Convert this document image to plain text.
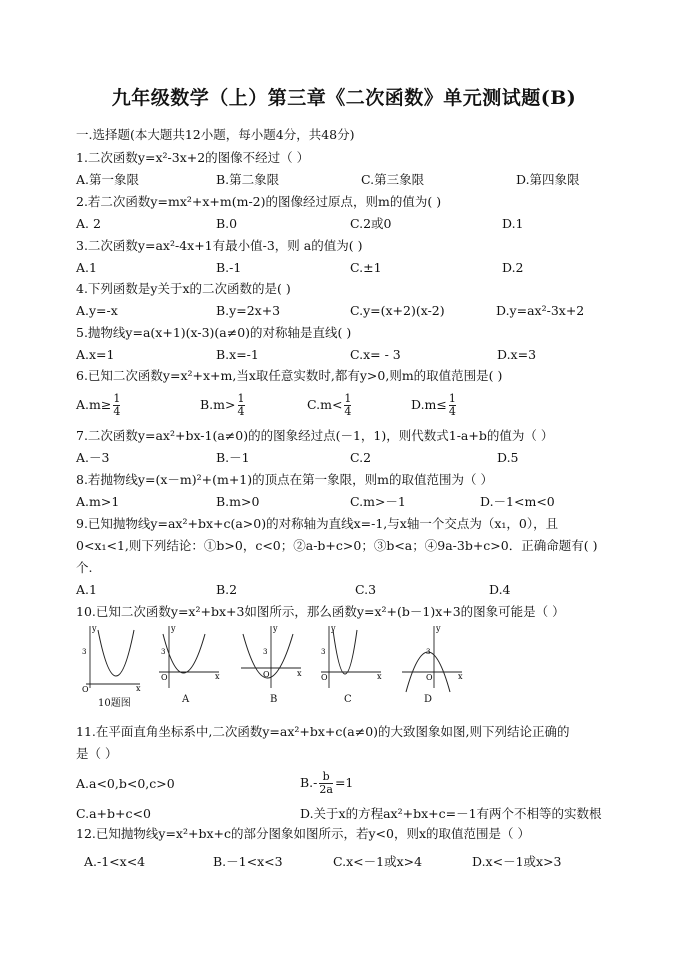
九年级数学（上）第三章《二次函数》单元测试题(B)
一.选择题(本大题共12小题，每小题4分，共48分)
1.二次函数y=x²-3x+2的图像不经过（ ）
A.第一象限	B.第二象限	C.第三象限	D.第四象限
2.若二次函数y=mx²+x+m(m-2)的图像经过原点，则m的值为( )
A. 2	B.0	C.2或0	D.1
3.二次函数y=ax²-4x+1有最小值-3，则 a的值为( )
A.1	B.-1	C.±1	D.2
4.下列函数是y关于x的二次函数的是( )
A.y=-x	B.y=2x+3	C.y=(x+2)(x-2)	D.y=ax²-3x+2
5.抛物线y=a(x+1)(x-3)(a≠0)的对称轴是直线( )
A.x=1	B.x=-1	C.x= - 3	D.x=3
6.已知二次函数y=x²+x+m,当x取任意实数时,都有y>0,则m的取值范围是( )
$A.m\ge \frac{1}{4}$	$B.m> \frac{1}{4}$	$C.m< \frac{1}{4}$	$D.m\le \frac{1}{4}$
7.二次函数y=ax²+bx-1(a≠0)的的图象经过点(－1，1)，则代数式1-a+b的值为（ ）
A.－3	B.－1	C.2	D.5
8.若抛物线y=(x－m)²+(m+1)的顶点在第一象限，则m的取值范围为（ ）
A.m>1	B.m>0	C.m>－1	D.－1<m<0
9.已知抛物线y=ax²+bx+c(a>0)的对称轴为直线x=-1,与x轴一个交点为（x₁，0），且
0<x₁<1,则下列结论：①b>0，c<0；②a-b+c>0；③b<a；④9a-3b+c>0．正确命题有( )
个.
A.1	B.2	C.3	D.4
10.已知二次函数y=x²+bx+3如图所示，那么函数y=x²+(b－1)x+3的图象可能是（ ）
y
x
3
O
y
x
3
O
y
x
3
O
y
x
3
O
y
x
3
O
10题图	A	B	C	D
11.在平面直角坐标系中,二次函数y=ax²+bx+c(a≠0)的大致图象如图,则下列结论正确的
是（ ）
A.a<0,b<0,c>0	$B.- \frac{b}{2a} =1$
C.a+b+c<0	D.关于x的方程ax²+bx+c=－1有两个不相等的实数根
12.已知抛物线y=x²+bx+c的部分图象如图所示，若y<0，则x的取值范围是（ ）
A.-1<x<4	B.－1<x<3	C.x<－1或x>4	D.x<－1或x>3
